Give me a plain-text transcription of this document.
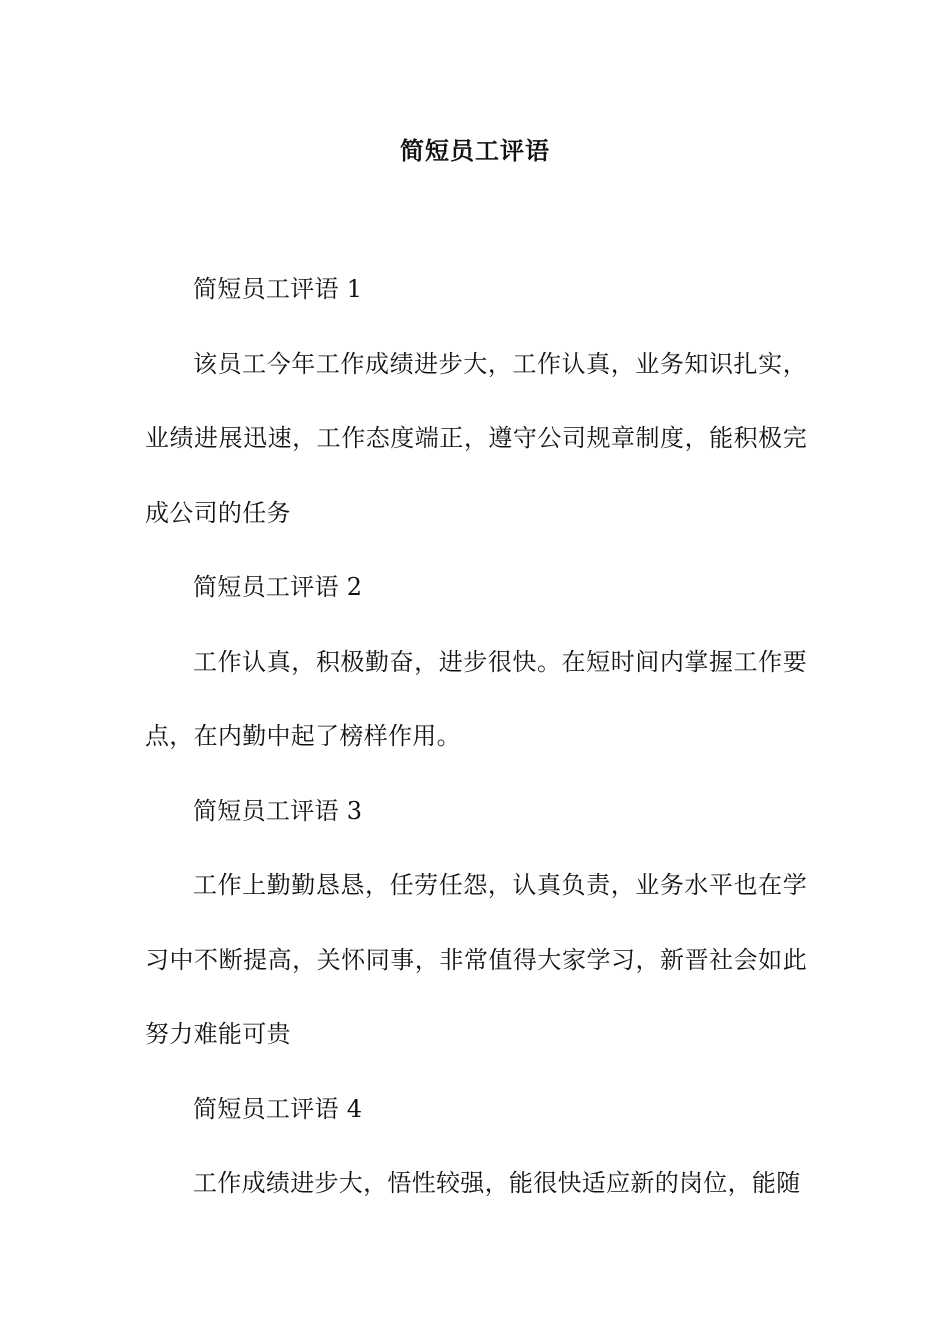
简短员工评语

简短员工评语 1

该员工今年工作成绩进步大，工作认真，业务知识扎实，业绩进展迅速，工作态度端正，遵守公司规章制度，能积极完成公司的任务

简短员工评语 2

工作认真，积极勤奋，进步很快。在短时间内掌握工作要点，在内勤中起了榜样作用。

简短员工评语 3

工作上勤勤恳恳，任劳任怨，认真负责，业务水平也在学习中不断提高，关怀同事，非常值得大家学习，新晋社会如此努力难能可贵

简短员工评语 4

工作成绩进步大，悟性较强，能很快适应新的岗位，能随
